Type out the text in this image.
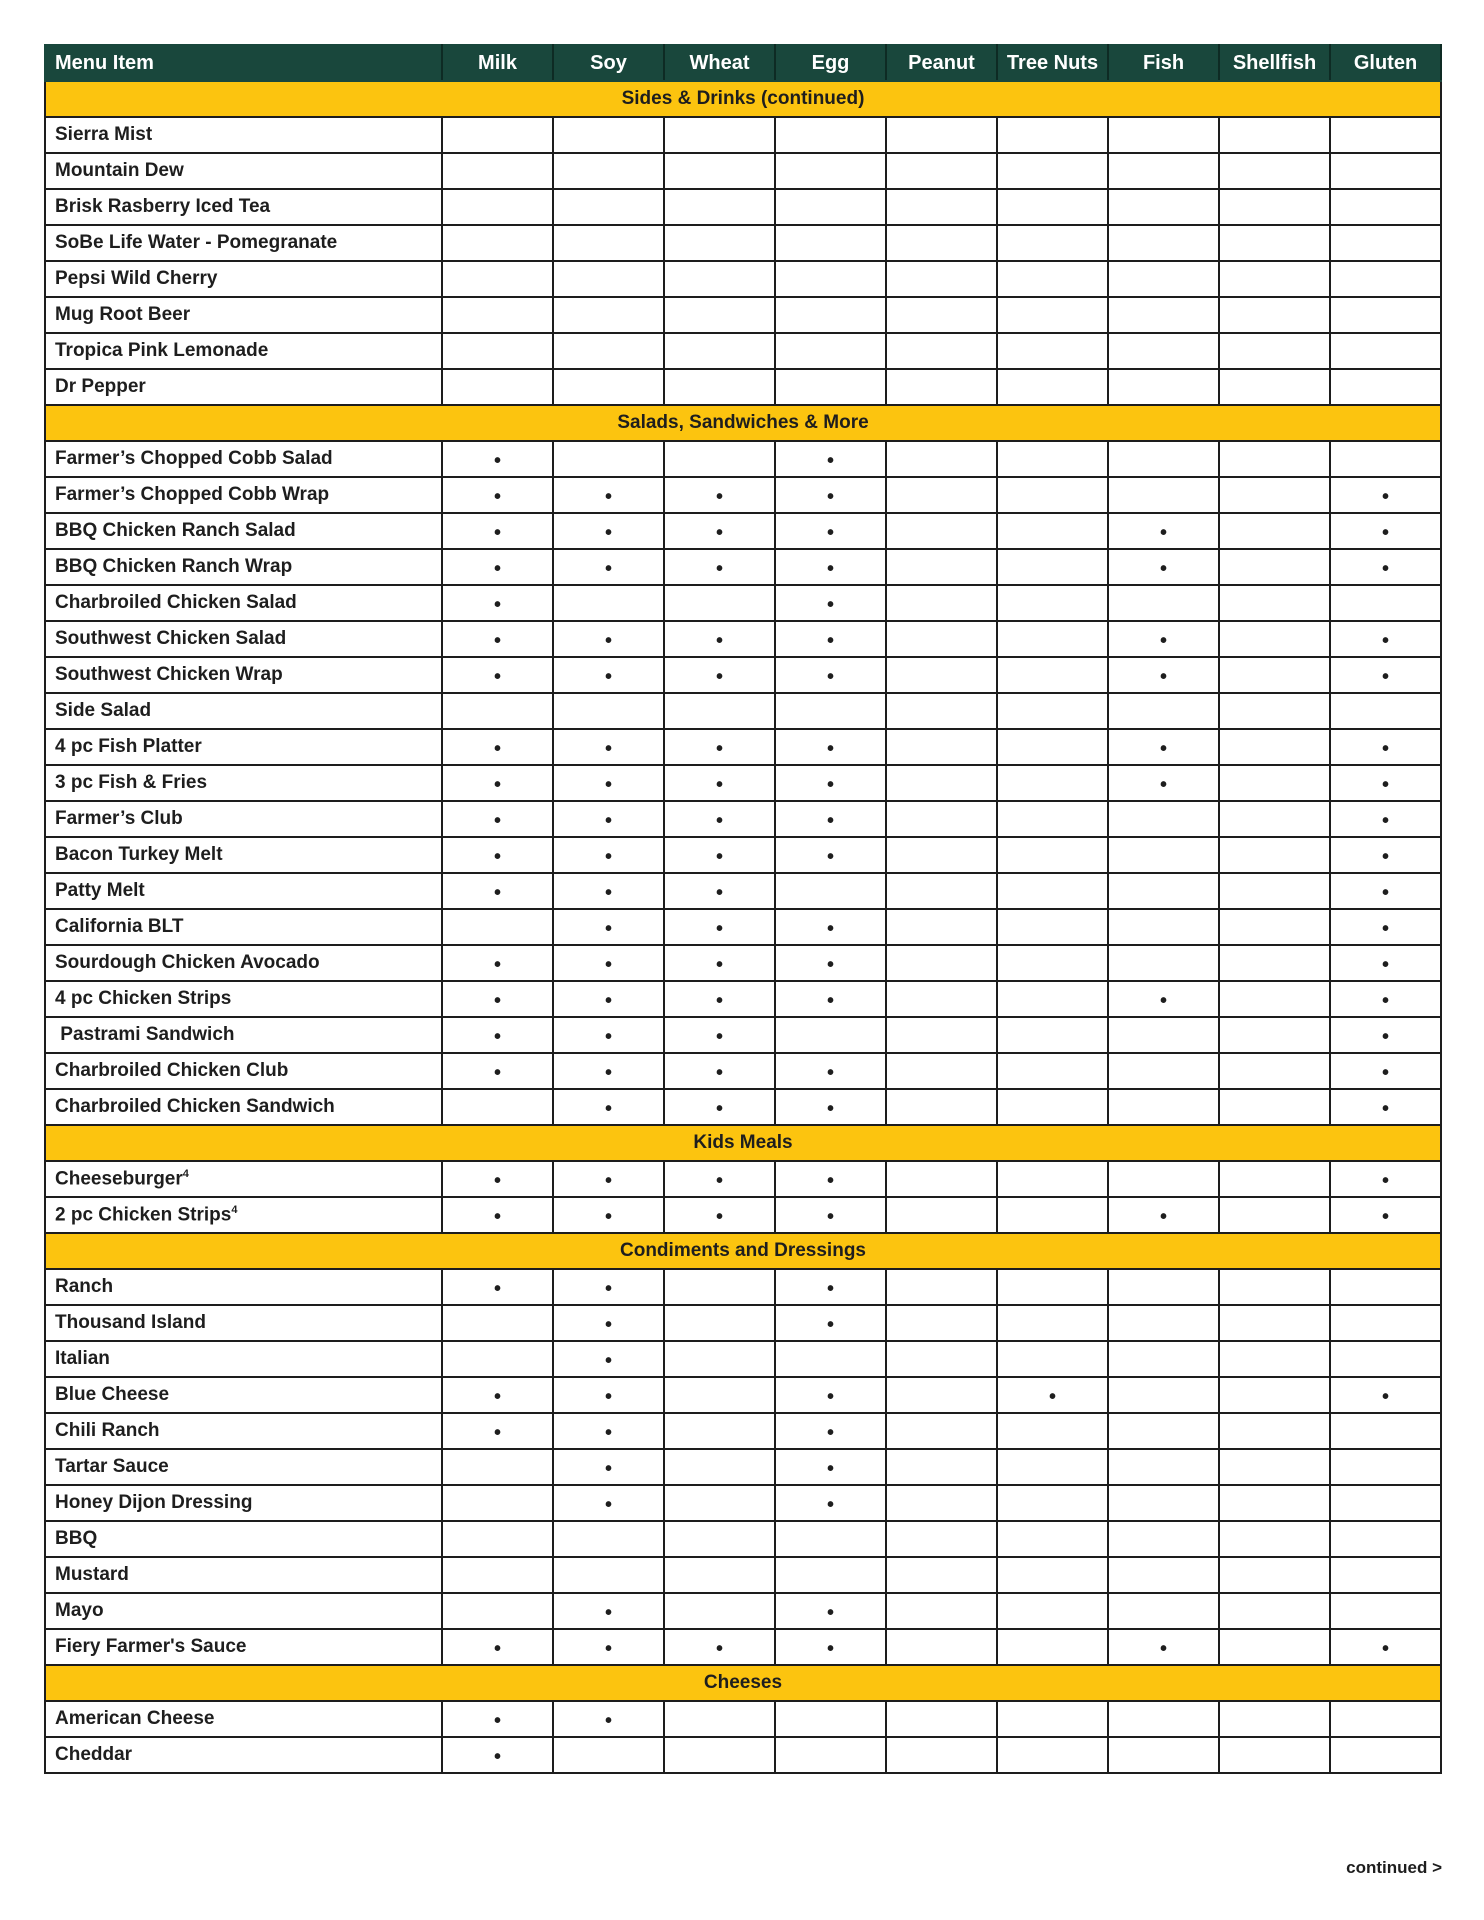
Menu Item	Milk	Soy	Wheat	Egg	Peanut	Tree Nuts	Fish	Shellfish	Gluten
Sides & Drinks (continued)									
Sierra Mist									
Mountain Dew									
Brisk Rasberry Iced Tea									
SoBe Life Water - Pomegranate									
Pepsi Wild Cherry									
Mug Root Beer									
Tropica Pink Lemonade									
Dr Pepper									
Salads, Sandwiches & More									
Farmer’s Chopped Cobb Salad	•			•					
Farmer’s Chopped Cobb Wrap	•	•	•	•					•
BBQ Chicken Ranch Salad	•	•	•	•			•		•
BBQ Chicken Ranch Wrap	•	•	•	•			•		•
Charbroiled Chicken Salad	•			•					
Southwest Chicken Salad	•	•	•	•			•		•
Southwest Chicken Wrap	•	•	•	•			•		•
Side Salad									
4 pc Fish Platter	•	•	•	•			•		•
3 pc Fish & Fries	•	•	•	•			•		•
Farmer’s Club	•	•	•	•					•
Bacon Turkey Melt	•	•	•	•					•
Patty Melt	•	•	•						•
California BLT		•	•	•					•
Sourdough Chicken Avocado	•	•	•	•					•
4 pc Chicken Strips	•	•	•	•			•		•
Pastrami Sandwich	•	•	•						•
Charbroiled Chicken Club	•	•	•	•					•
Charbroiled Chicken Sandwich		•	•	•					•
Kids Meals									
Cheeseburger$^4$	•	•	•	•					•
2 pc Chicken Strips$^4$	•	•	•	•			•		•
Condiments and Dressings									
Ranch	•	•		•					
Thousand Island		•		•					
Italian		•							
Blue Cheese	•	•		•		•			•
Chili Ranch	•	•		•					
Tartar Sauce		•		•					
Honey Dijon Dressing		•		•					
BBQ									
Mustard									
Mayo		•		•					
Fiery Farmer's Sauce	•	•	•	•			•		•
Cheeses									
American Cheese	•	•							
Cheddar	•								
continued >
